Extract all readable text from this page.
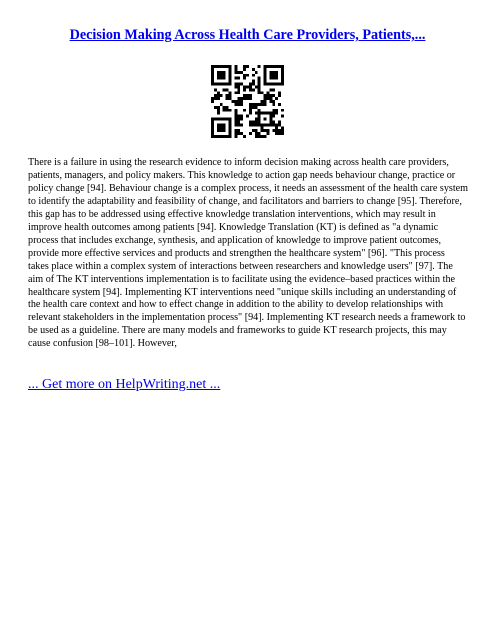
Decision Making Across Health Care Providers, Patients,...

There is a failure in using the research evidence to inform decision making across health care providers, patients, managers, and policy makers. This knowledge to action gap needs behaviour change, practice or policy change [94]. Behaviour change is a complex process, it needs an assessment of the health care system to identify the adaptability and feasibility of change, and facilitators and barriers to change [95]. Therefore, this gap has to be addressed using effective knowledge translation interventions, which may result in improve health outcomes among patients [94]. Knowledge Translation (KT) is defined as "a dynamic process that includes exchange, synthesis, and application of knowledge to improve patient outcomes, provide more effective services and products and strengthen the healthcare system" [96]. "This process takes place within a complex system of interactions between researchers and knowledge users" [97]. The aim of The KT interventions implementation is to facilitate using the evidence–based practices within the healthcare system [94]. Implementing KT interventions need "unique skills including an understanding of the health care context and how to effect change in addition to the ability to develop relationships with relevant stakeholders in the implementation process" [94]. Implementing KT research needs a framework to be used as a guideline. There are many models and frameworks to guide KT research projects, this may cause confusion [98–101]. However,

... Get more on HelpWriting.net ...
